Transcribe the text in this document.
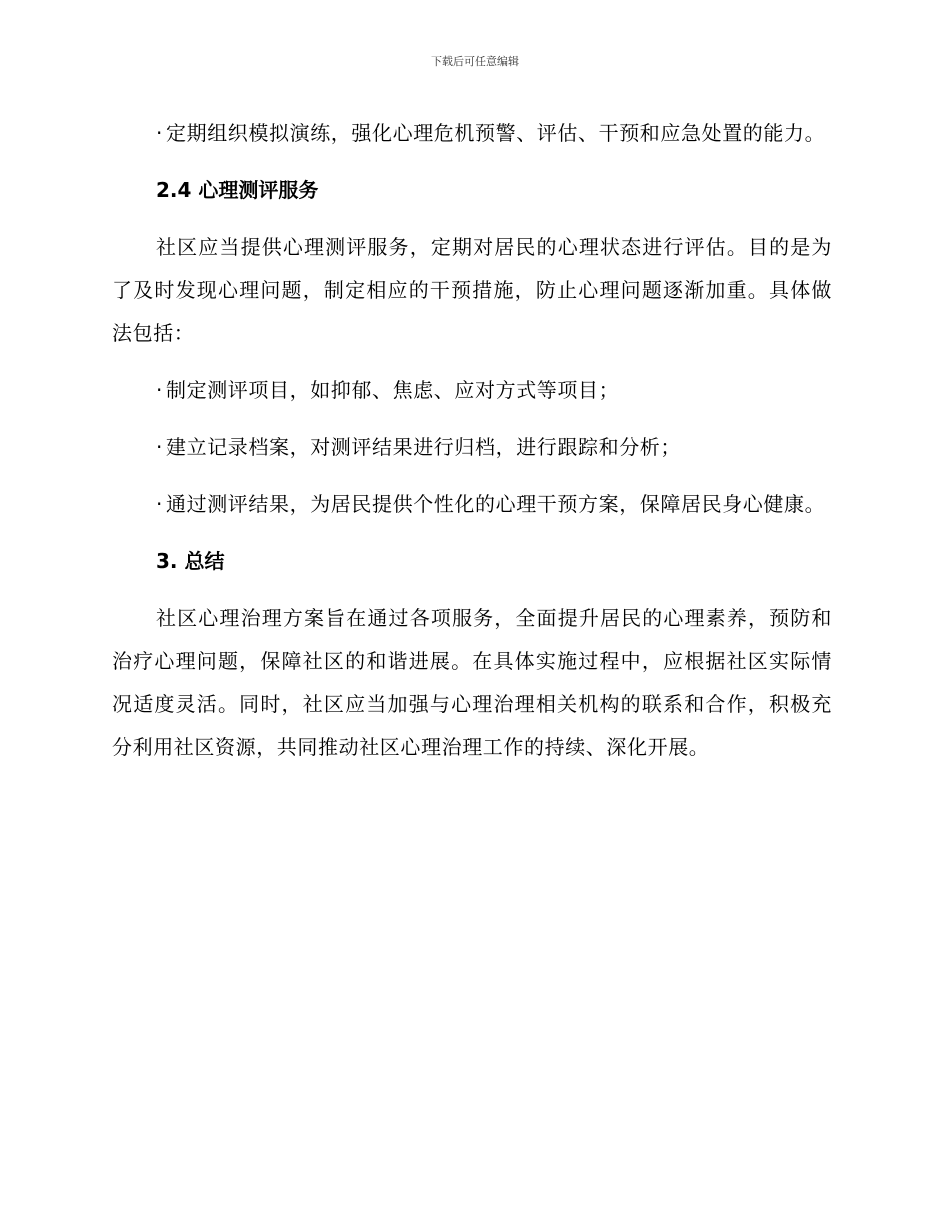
下载后可任意编辑

· 定期组织模拟演练，强化心理危机预警、评估、干预和应急处置的能力。

2.4 心理测评服务

社区应当提供心理测评服务，定期对居民的心理状态进行评估。目的是为了及时发现心理问题，制定相应的干预措施，防止心理问题逐渐加重。具体做法包括：

· 制定测评项目，如抑郁、焦虑、应对方式等项目；

· 建立记录档案，对测评结果进行归档，进行跟踪和分析；

· 通过测评结果，为居民提供个性化的心理干预方案，保障居民身心健康。

3. 总结

社区心理治理方案旨在通过各项服务，全面提升居民的心理素养，预防和治疗心理问题，保障社区的和谐进展。在具体实施过程中，应根据社区实际情况适度灵活。同时，社区应当加强与心理治理相关机构的联系和合作，积极充分利用社区资源，共同推动社区心理治理工作的持续、深化开展。
